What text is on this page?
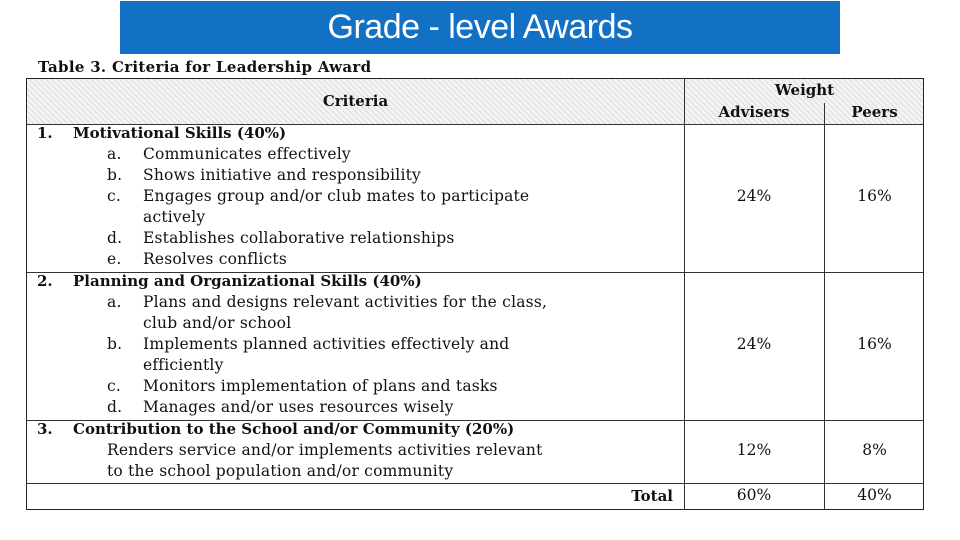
Grade - level Awards
Table 3. Criteria for Leadership Award
Criteria
Weight
Advisers	Peers
1. Motivational Skills (40%)
a. Communicates effectively
b. Shows initiative and responsibility
c. Engages group and/or club mates to participate
actively
d. Establishes collaborative relationships
e. Resolves conflicts
24%	16%
2. Planning and Organizational Skills (40%)
a. Plans and designs relevant activities for the class,
club and/or school
b. Implements planned activities effectively and
efficiently
c. Monitors implementation of plans and tasks
d. Manages and/or uses resources wisely
24%	16%
3. Contribution to the School and/or Community (20%)
Renders service and/or implements activities relevant
to the school population and/or community
12%	8%
Total	60%	40%
